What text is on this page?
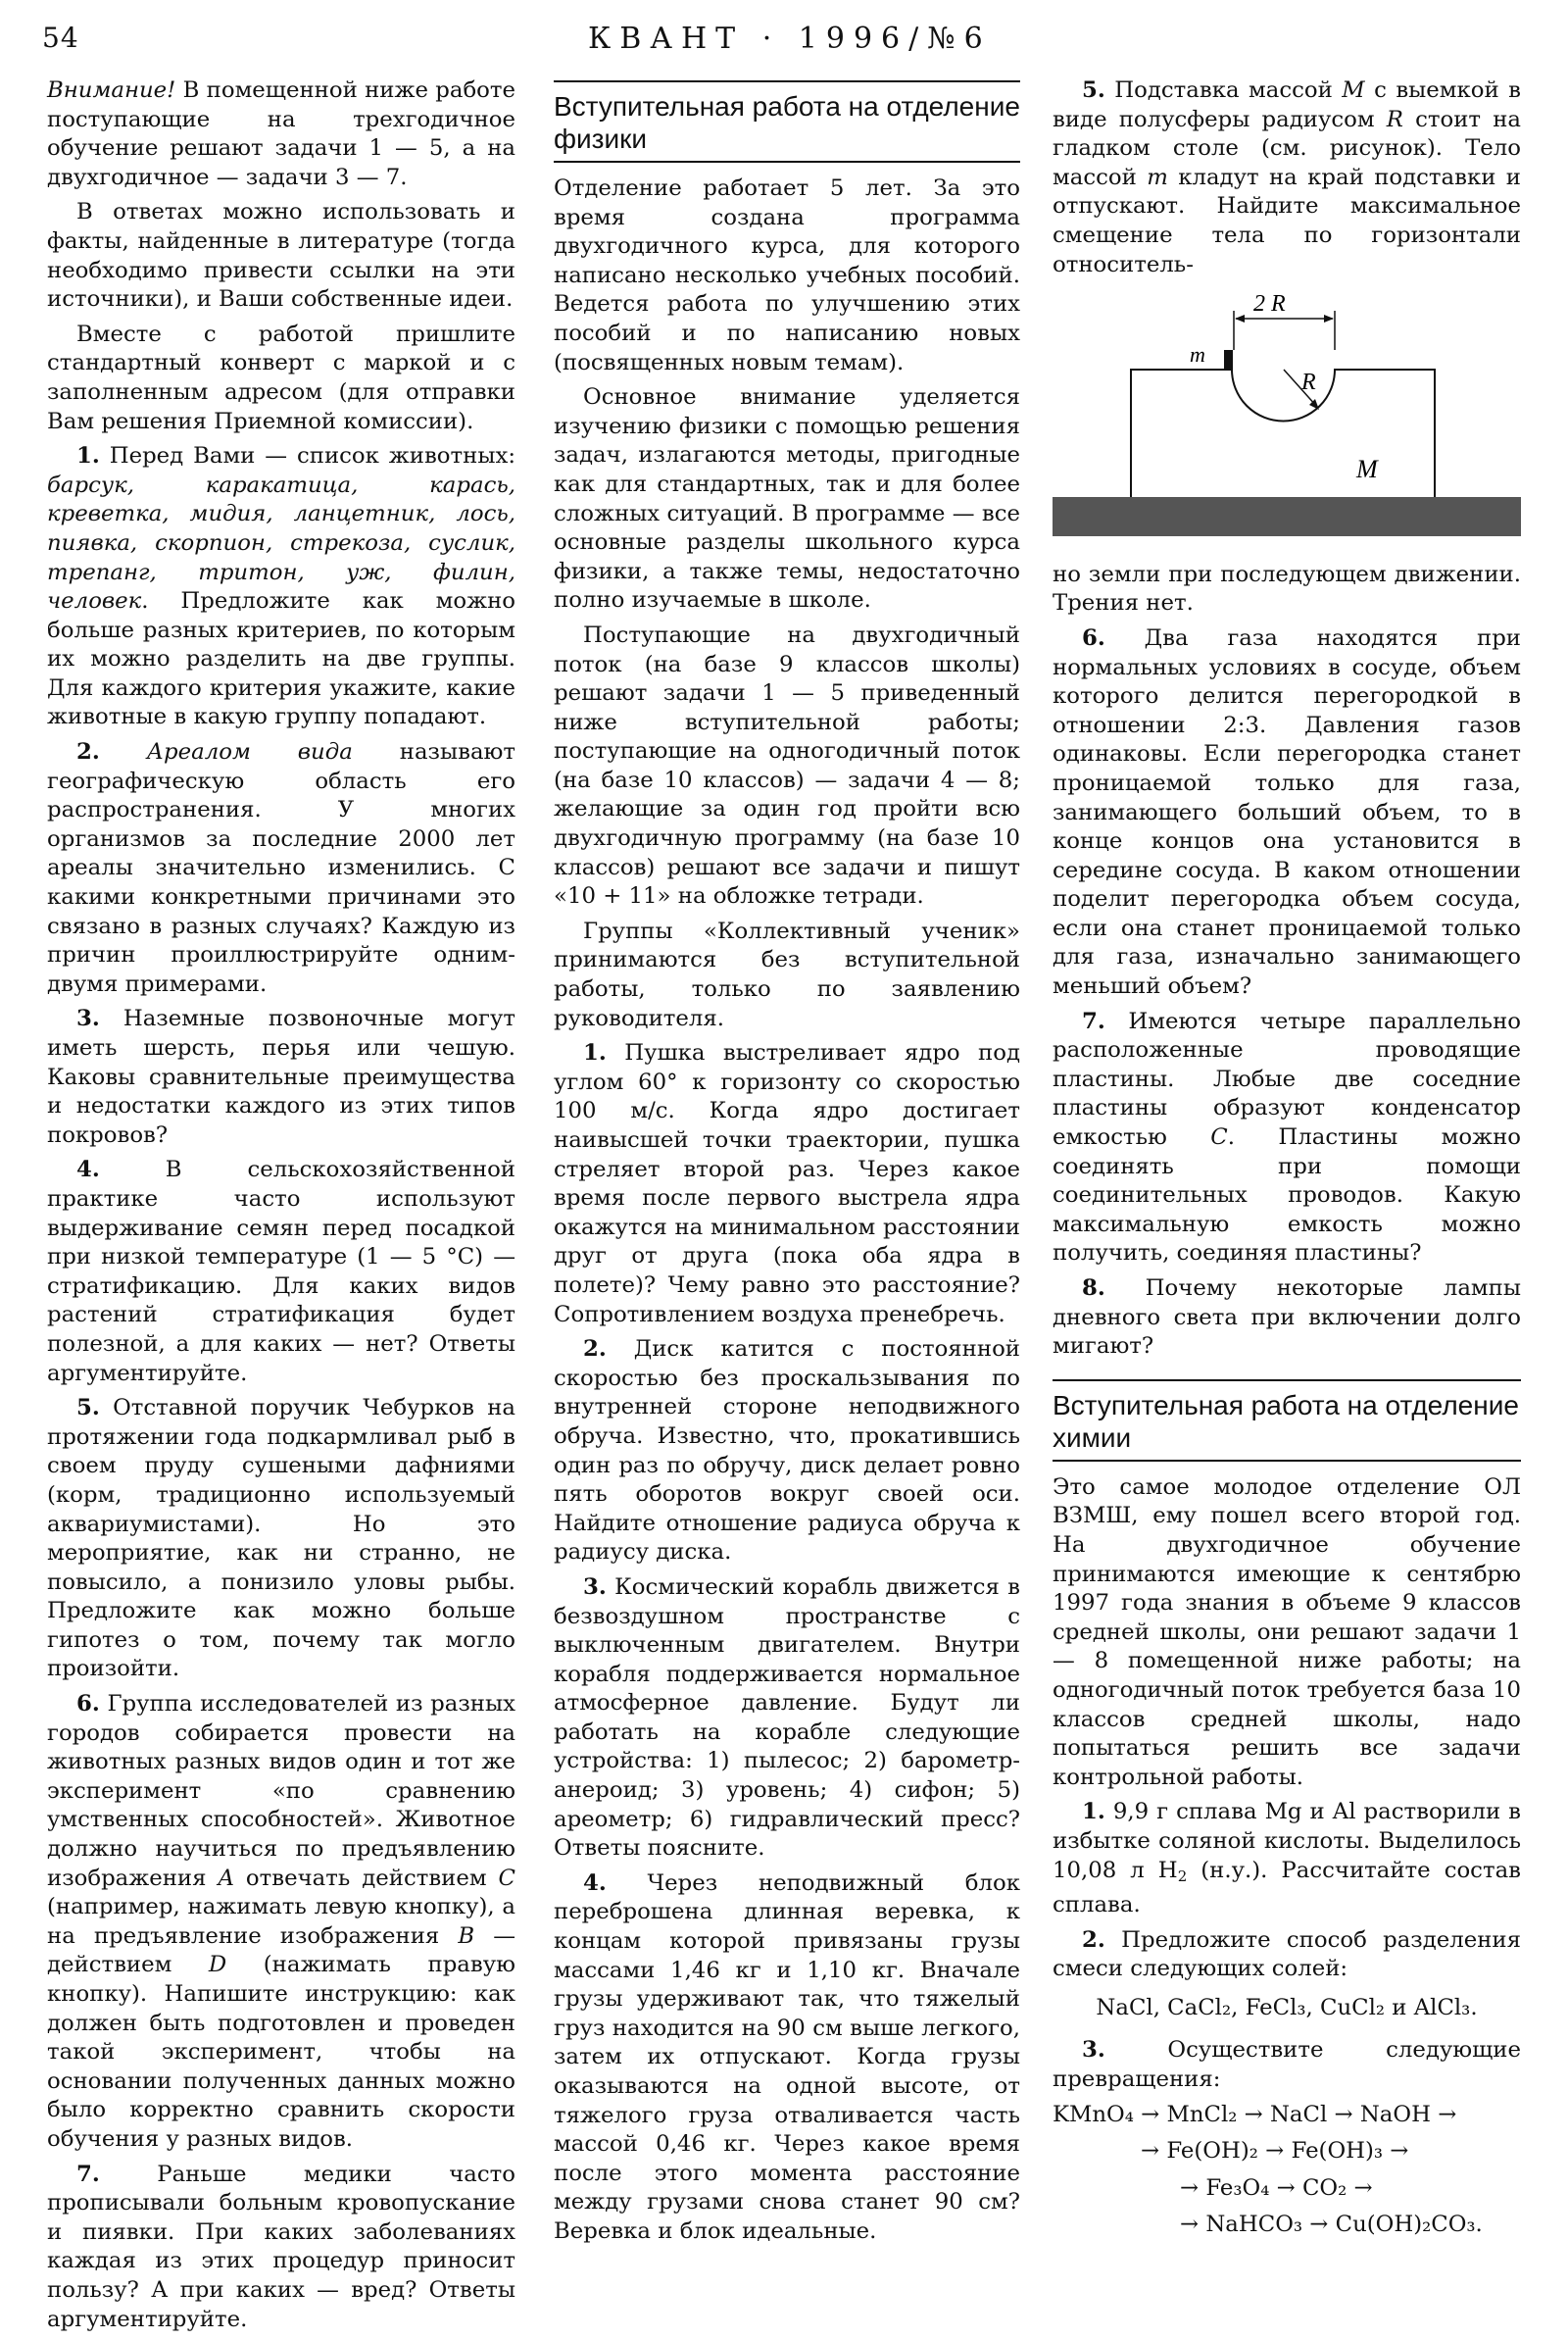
54	КВАНТ · 1996/№6

Внимание! В помещенной ниже работе поступающие на трехгодичное обучение решают задачи 1 — 5, а на двухгодичное — задачи 3 — 7.

В ответах можно использовать и факты, найденные в литературе (тогда необходимо привести ссылки на эти источники), и Ваши собственные идеи.

Вместе с работой пришлите стандартный конверт с маркой и с заполненным адресом (для отправки Вам решения Приемной комиссии).

1. Перед Вами — список животных: барсук, каракатица, карась, креветка, мидия, ланцетник, лось, пиявка, скорпион, стрекоза, суслик, трепанг, тритон, уж, филин, человек. Предложите как можно больше разных критериев, по которым их можно разделить на две группы. Для каждого критерия укажите, какие животные в какую группу попадают.

2. Ареалом вида называют географическую область его распространения. У многих организмов за последние 2000 лет ареалы значительно изменились. С какими конкретными причинами это связано в разных случаях? Каждую из причин проиллюстрируйте одним-двумя примерами.

3. Наземные позвоночные могут иметь шерсть, перья или чешую. Каковы сравнительные преимущества и недостатки каждого из этих типов покровов?

4. В сельскохозяйственной практике часто используют выдерживание семян перед посадкой при низкой температуре (1 — 5 °С) — стратификацию. Для каких видов растений стратификация будет полезной, а для каких — нет? Ответы аргументируйте.

5. Отставной поручик Чебурков на протяжении года подкармливал рыб в своем пруду сушеными дафниями (корм, традиционно используемый аквариумистами). Но это мероприятие, как ни странно, не повысило, а понизило уловы рыбы. Предложите как можно больше гипотез о том, почему так могло произойти.

6. Группа исследователей из разных городов собирается провести на животных разных видов один и тот же эксперимент «по сравнению умственных способностей». Животное должно научиться по предъявлению изображения A отвечать действием C (например, нажимать левую кнопку), а на предъявление изображения B — действием D (нажимать правую кнопку). Напишите инструкцию: как должен быть подготовлен и проведен такой эксперимент, чтобы на основании полученных данных можно было корректно сравнить скорости обучения у разных видов.

7. Раньше медики часто прописывали больным кровопускание и пиявки. При каких заболеваниях каждая из этих процедур приносит пользу? А при каких — вред? Ответы аргументируйте.

Вступительная работа на отделение физики

Отделение работает 5 лет. За это время создана программа двухгодичного курса, для которого написано несколько учебных пособий. Ведется работа по улучшению этих пособий и по написанию новых (посвященных новым темам).

Основное внимание уделяется изучению физики с помощью решения задач, излагаются методы, пригодные как для стандартных, так и для более сложных ситуаций. В программе — все основные разделы школьного курса физики, а также темы, недостаточно полно изучаемые в школе.

Поступающие на двухгодичный поток (на базе 9 классов школы) решают задачи 1 — 5 приведенный ниже вступительной работы; поступающие на одногодичный поток (на базе 10 классов) — задачи 4 — 8; желающие за один год пройти всю двухгодичную программу (на базе 10 классов) решают все задачи и пишут «10 + 11» на обложке тетради.

Группы «Коллективный ученик» принимаются без вступительной работы, только по заявлению руководителя.

1. Пушка выстреливает ядро под углом 60° к горизонту со скоростью 100 м/с. Когда ядро достигает наивысшей точки траектории, пушка стреляет второй раз. Через какое время после первого выстрела ядра окажутся на минимальном расстоянии друг от друга (пока оба ядра в полете)? Чему равно это расстояние? Сопротивлением воздуха пренебречь.

2. Диск катится с постоянной скоростью без проскальзывания по внутренней стороне неподвижного обруча. Известно, что, прокатившись один раз по обручу, диск делает ровно пять оборотов вокруг своей оси. Найдите отношение радиуса обруча к радиусу диска.

3. Космический корабль движется в безвоздушном пространстве с выключенным двигателем. Внутри корабля поддерживается нормальное атмосферное давление. Будут ли работать на корабле следующие устройства: 1) пылесос; 2) барометр-анероид; 3) уровень; 4) сифон; 5) ареометр; 6) гидравлический пресс? Ответы поясните.

4. Через неподвижный блок переброшена длинная веревка, к концам которой привязаны грузы массами 1,46 кг и 1,10 кг. Вначале грузы удерживают так, что тяжелый груз находится на 90 см выше легкого, затем их отпускают. Когда грузы оказываются на одной высоте, от тяжелого груза отваливается часть массой 0,46 кг. Через какое время после этого момента расстояние между грузами снова станет 90 см? Веревка и блок идеальные.

5. Подставка массой M с выемкой в виде полусферы радиусом R стоит на гладком столе (см. рисунок). Тело массой m кладут на край подставки и отпускают. Найдите максимальное смещение тела по горизонтали относитель-

2 R
m
R
M

но земли при последующем движении. Трения нет.

6. Два газа находятся при нормальных условиях в сосуде, объем которого делится перегородкой в отношении 2:3. Давления газов одинаковы. Если перегородка станет проницаемой только для газа, занимающего больший объем, то в конце концов она установится в середине сосуда. В каком отношении поделит перегородка объем сосуда, если она станет проницаемой только для газа, изначально занимающего меньший объем?

7. Имеются четыре параллельно расположенные проводящие пластины. Любые две соседние пластины образуют конденсатор емкостью C. Пластины можно соединять при помощи соединительных проводов. Какую максимальную емкость можно получить, соединяя пластины?

8. Почему некоторые лампы дневного света при включении долго мигают?

Вступительная работа на отделение химии

Это самое молодое отделение ОЛ ВЗМШ, ему пошел всего второй год. На двухгодичное обучение принимаются имеющие к сентябрю 1997 года знания в объеме 9 классов средней школы, они решают задачи 1 — 8 помещенной ниже работы; на одногодичный поток требуется база 10 классов средней школы, надо попытаться решить все задачи контрольной работы.

1. 9,9 г сплава Mg и Al растворили в избытке соляной кислоты. Выделилось 10,08 л $H_2$ (н.у.). Рассчитайте состав сплава.

2. Предложите способ разделения смеси следующих солей:

NaCl, CaCl₂, FeCl₃, CuCl₂ и AlCl₃.

3. Осуществите следующие превращения:

KMnO₄ → MnCl₂ → NaCl → NaOH →
→ Fe(OH)₂ → Fe(OH)₃ →
→ Fe₃O₄ → CO₂ →
→ NaHCO₃ → Cu(OH)₂CO₃.
